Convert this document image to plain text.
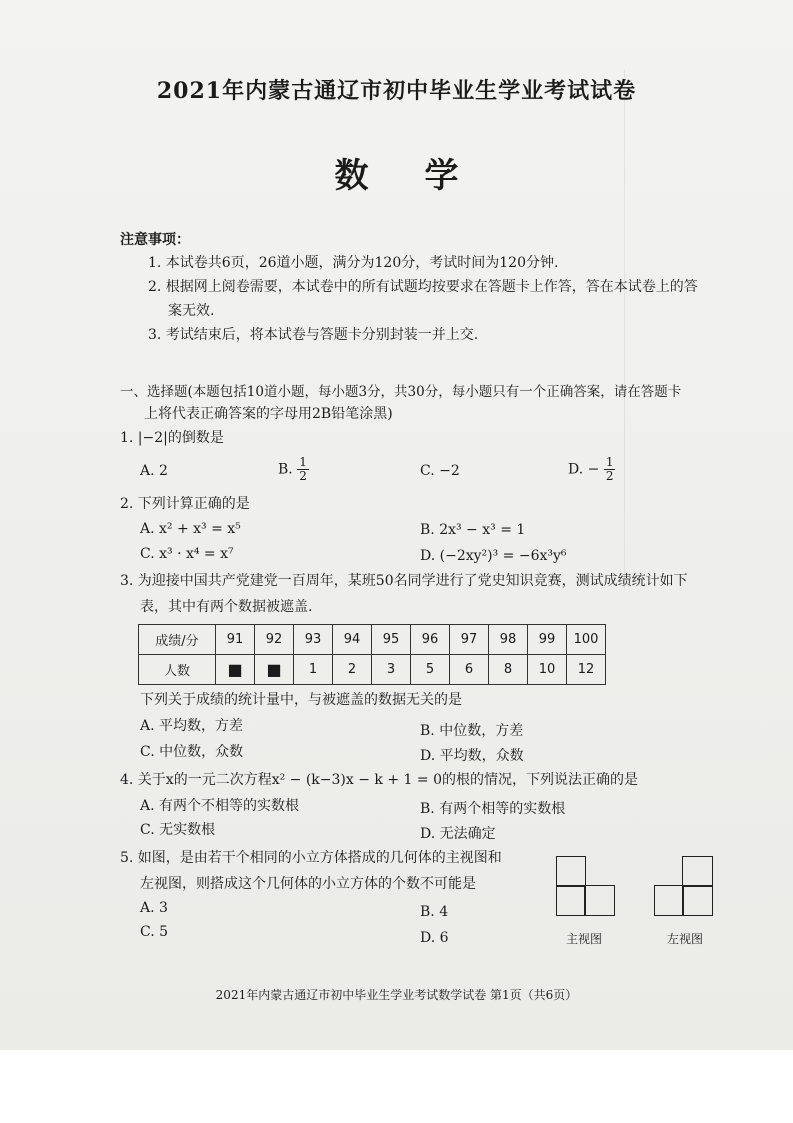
2021年内蒙古通辽市初中毕业生学业考试试卷
数学
注意事项：
1. 本试卷共6页，26道小题，满分为120分，考试时间为120分钟.
2. 根据网上阅卷需要，本试卷中的所有试题均按要求在答题卡上作答，答在本试卷上的答
案无效.
3. 考试结束后，将本试卷与答题卡分别封装一并上交.
一、选择题(本题包括10道小题，每小题3分，共30分，每小题只有一个正确答案，请在答题卡
上将代表正确答案的字母用2B铅笔涂黑)
1. |−2|的倒数是
A. 2	B. $\frac{1}{2}$	C. −2	D. − $\frac{1}{2}$
2. 下列计算正确的是
A. x² + x³ = x⁵	B. 2x³ − x³ = 1
C. x³ · x⁴ = x⁷	D. (−2xy²)³ = −6x³y⁶
3. 为迎接中国共产党建党一百周年，某班50名同学进行了党史知识竞赛，测试成绩统计如下
表，其中有两个数据被遮盖.
成绩/分	91	92	93	94	95	96	97	98	99	100
人数	■	■	1	2	3	5	6	8	10	12
下列关于成绩的统计量中，与被遮盖的数据无关的是
A. 平均数，方差	B. 中位数，方差
C. 中位数，众数	D. 平均数，众数
4. 关于x的一元二次方程x² − (k−3)x − k + 1 = 0的根的情况，下列说法正确的是
A. 有两个不相等的实数根	B. 有两个相等的实数根
C. 无实数根	D. 无法确定
5. 如图，是由若干个相同的小立方体搭成的几何体的主视图和
左视图，则搭成这个几何体的小立方体的个数不可能是
A. 3	B. 4
C. 5	D. 6	主视图	左视图
2021年内蒙古通辽市初中毕业生学业考试数学试卷 第1页（共6页）
